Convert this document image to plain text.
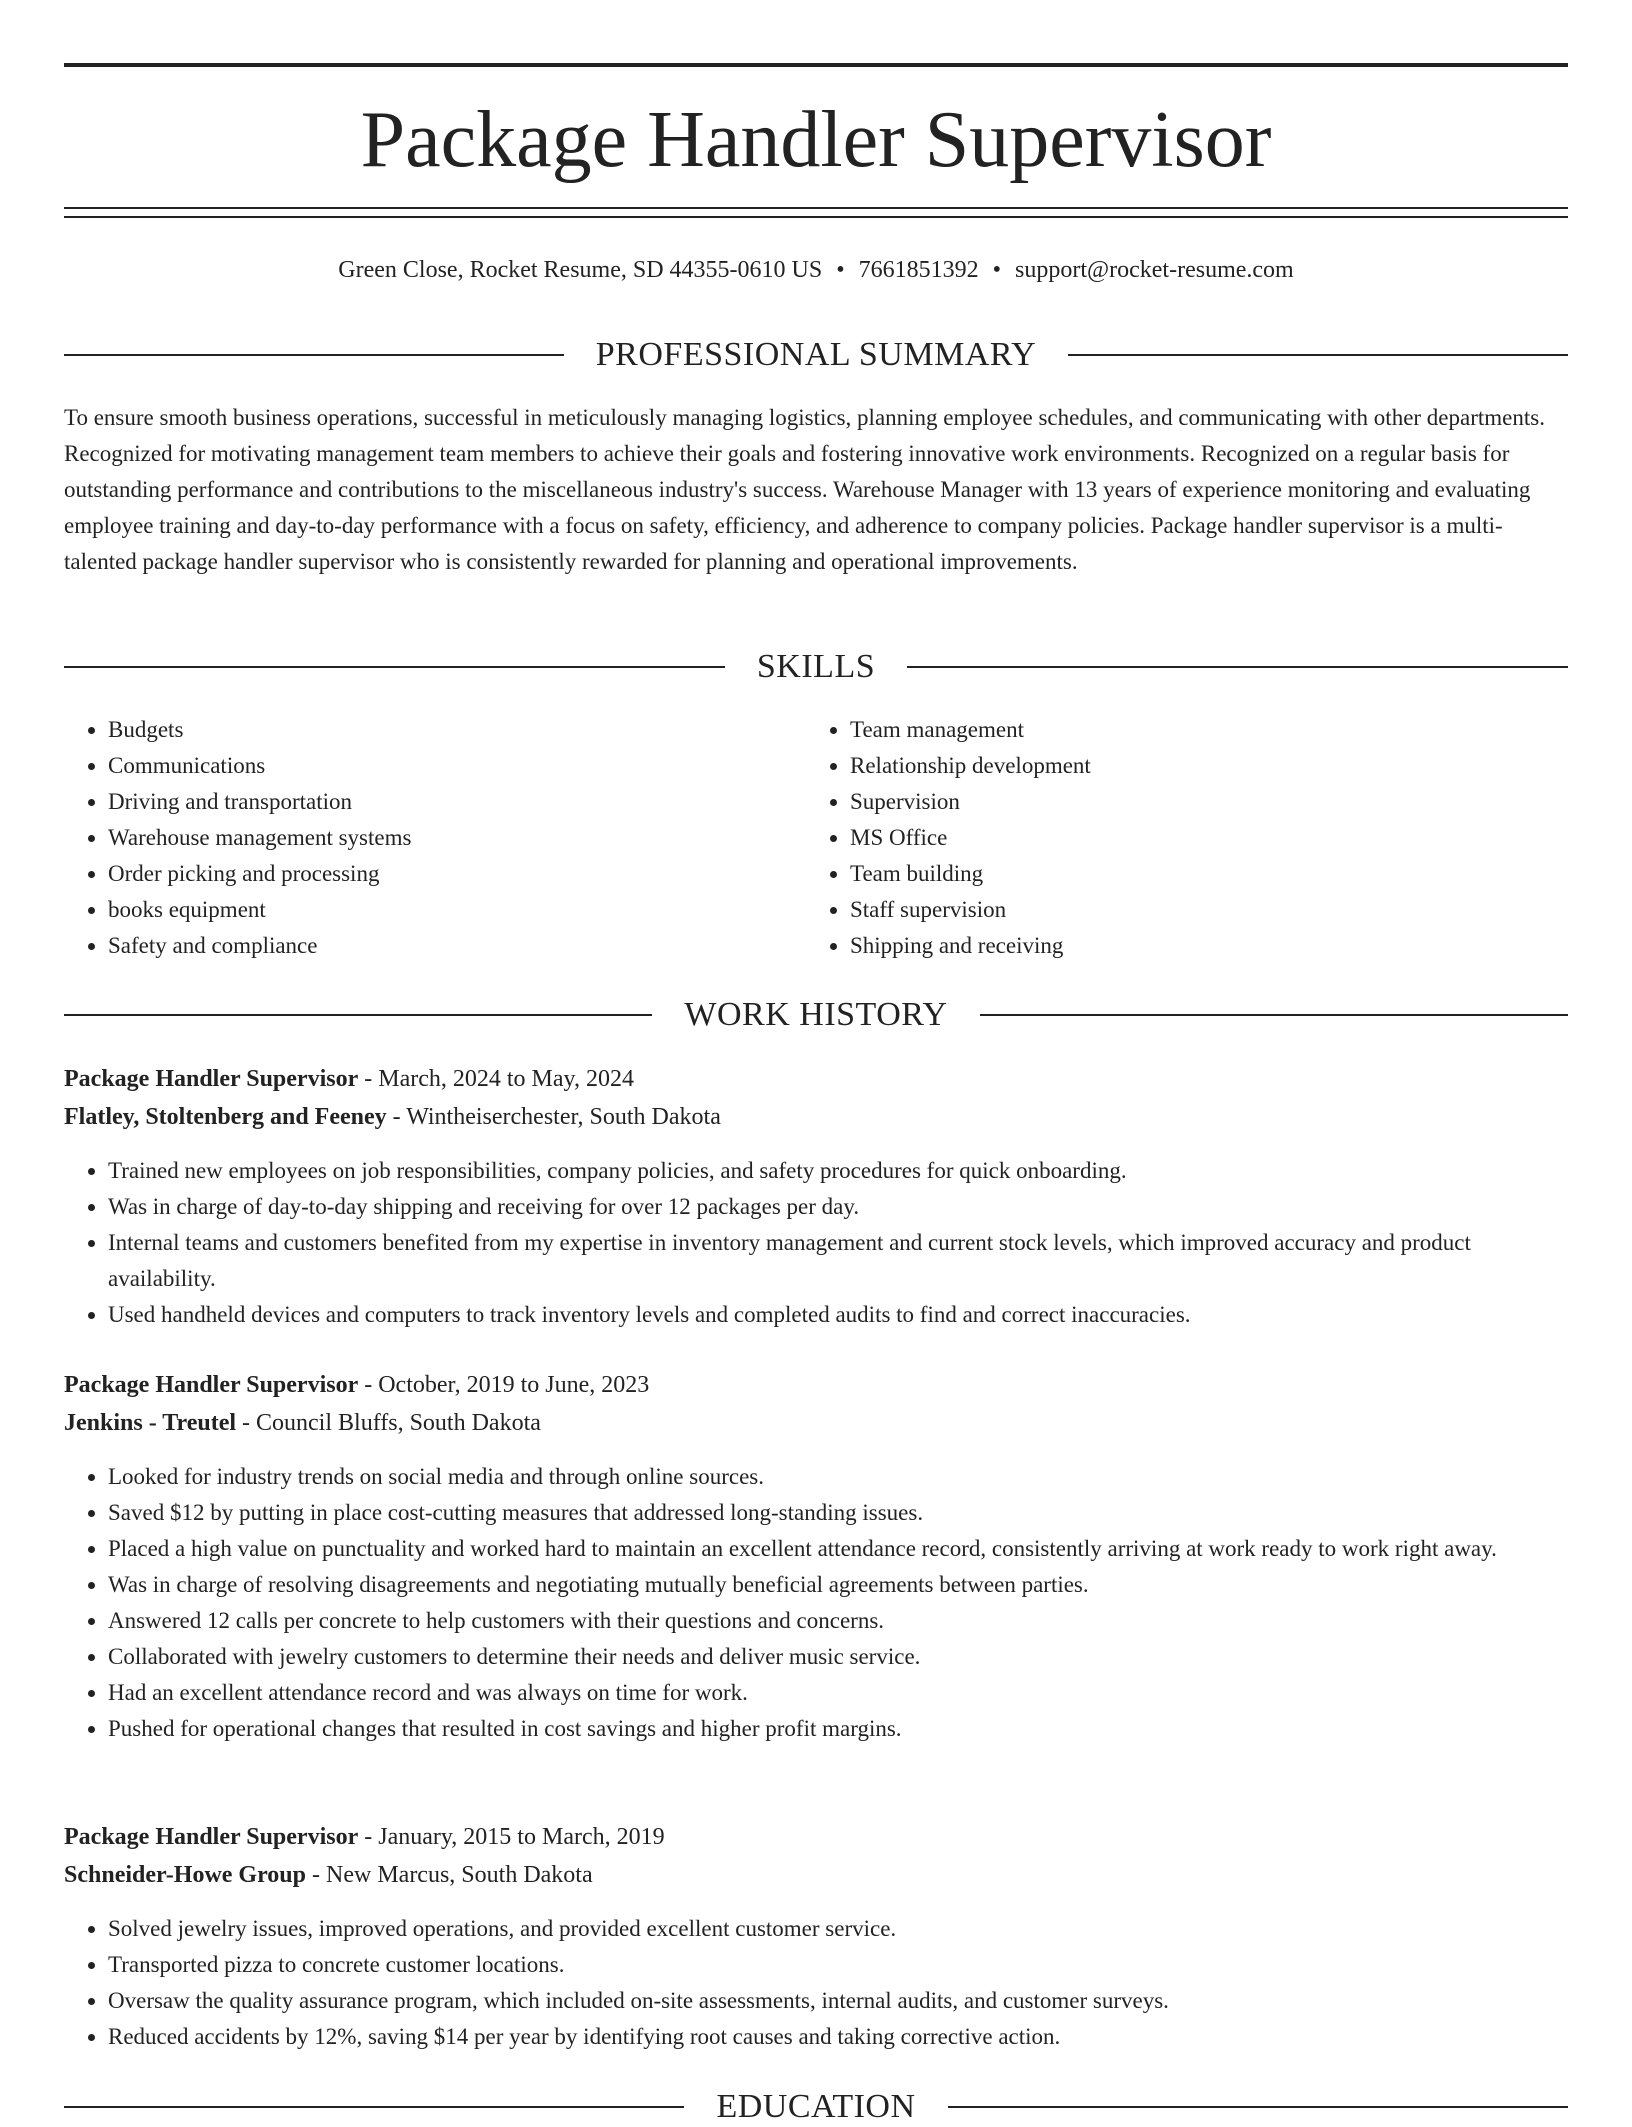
Package Handler Supervisor
Green Close, Rocket Resume, SD 44355-0610 US • 7661851392 • support@rocket-resume.com
PROFESSIONAL SUMMARY

To ensure smooth business operations, successful in meticulously managing logistics, planning employee schedules, and communicating with other departments. Recognized for motivating management team members to achieve their goals and fostering innovative work environments. Recognized on a regular basis for outstanding performance and contributions to the miscellaneous industry's success. Warehouse Manager with 13 years of experience monitoring and evaluating employee training and day-to-day performance with a focus on safety, efficiency, and adherence to company policies. Package handler supervisor is a multi-talented package handler supervisor who is consistently rewarded for planning and operational improvements.

SKILLS
• Budgets
• Communications
• Driving and transportation
• Warehouse management systems
• Order picking and processing
• books equipment
• Safety and compliance
• Team management
• Relationship development
• Supervision
• MS Office
• Team building
• Staff supervision
• Shipping and receiving
WORK HISTORY
Package Handler Supervisor - March, 2024 to May, 2024
Flatley, Stoltenberg and Feeney - Wintheiserchester, South Dakota
• Trained new employees on job responsibilities, company policies, and safety procedures for quick onboarding.
• Was in charge of day-to-day shipping and receiving for over 12 packages per day.
• Internal teams and customers benefited from my expertise in inventory management and current stock levels, which improved accuracy and product availability.
• Used handheld devices and computers to track inventory levels and completed audits to find and correct inaccuracies.
Package Handler Supervisor - October, 2019 to June, 2023
Jenkins - Treutel - Council Bluffs, South Dakota
• Looked for industry trends on social media and through online sources.
• Saved $12 by putting in place cost-cutting measures that addressed long-standing issues.
• Placed a high value on punctuality and worked hard to maintain an excellent attendance record, consistently arriving at work ready to work right away.
• Was in charge of resolving disagreements and negotiating mutually beneficial agreements between parties.
• Answered 12 calls per concrete to help customers with their questions and concerns.
• Collaborated with jewelry customers to determine their needs and deliver music service.
• Had an excellent attendance record and was always on time for work.
• Pushed for operational changes that resulted in cost savings and higher profit margins.
Package Handler Supervisor - January, 2015 to March, 2019
Schneider-Howe Group - New Marcus, South Dakota
• Solved jewelry issues, improved operations, and provided excellent customer service.
• Transported pizza to concrete customer locations.
• Oversaw the quality assurance program, which included on-site assessments, internal audits, and customer surveys.
• Reduced accidents by 12%, saving $14 per year by identifying root causes and taking corrective action.
EDUCATION
